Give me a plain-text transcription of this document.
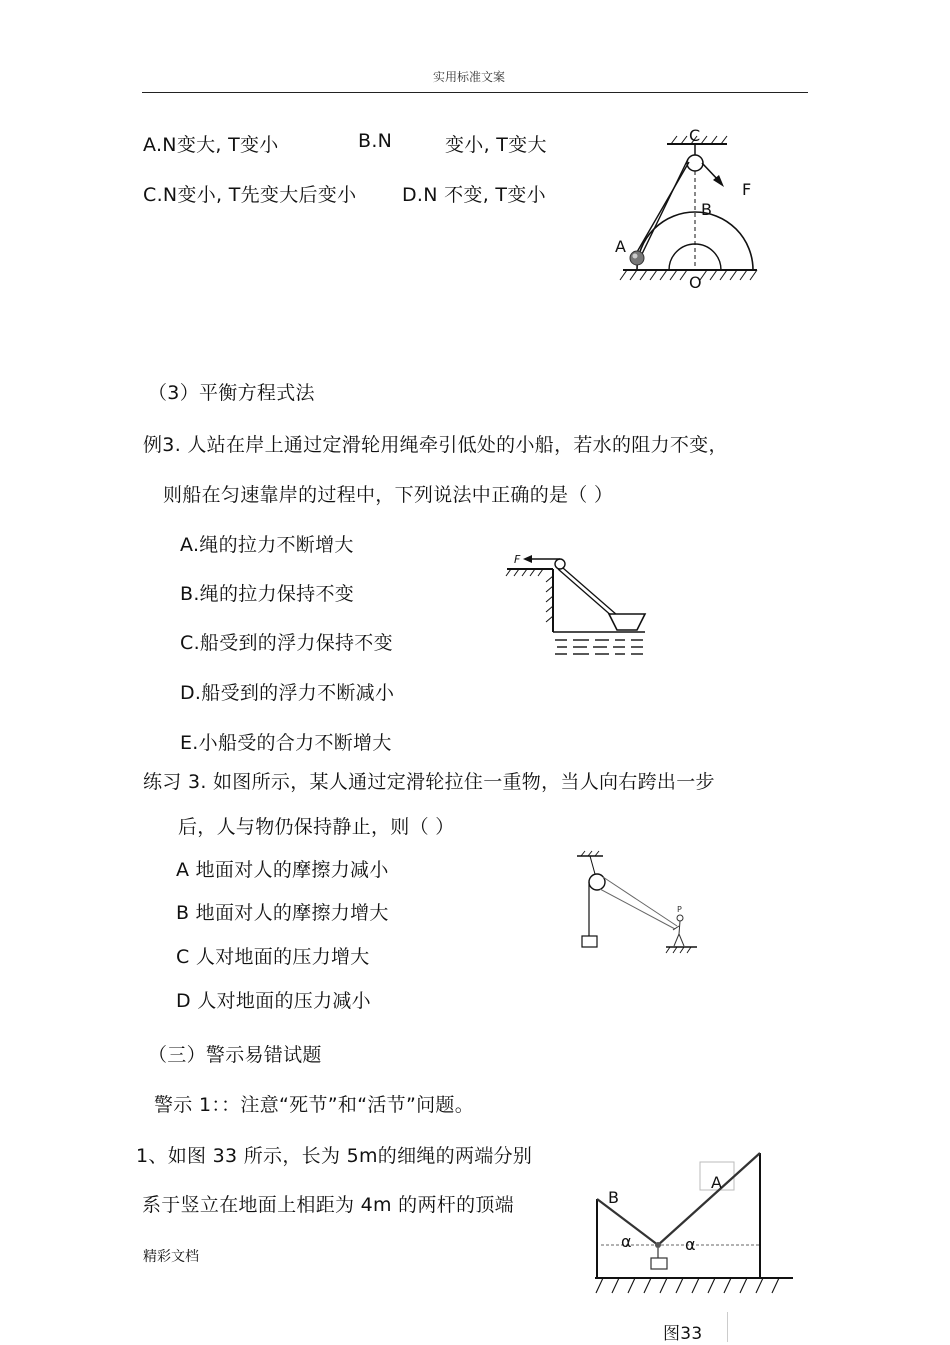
实用标准文案
A.N变大, T变小	B.N	变小, T变大
C.N变小, T先变大后变小 D.N 不变, T变小
C
F
B
A
O
（3）平衡方程式法
例3. 人站在岸上通过定滑轮用绳牵引低处的小船，若水的阻力不变，
则船在匀速靠岸的过程中，下列说法中正确的是（ ）
A.绳的拉力不断增大
B.绳的拉力保持不变
C.船受到的浮力保持不变
D.船受到的浮力不断减小
E.小船受的合力不断增大
F
练习 3. 如图所示，某人通过定滑轮拉住一重物，当人向右跨出一步
后，人与物仍保持静止，则（ ）
A 地面对人的摩擦力减小
B 地面对人的摩擦力增大
C 人对地面的压力增大
D 人对地面的压力减小
P
（三）警示易错试题
警示 1：：注意“死节”和“活节”问题。
1、如图 33 所示，长为 5m的细绳的两端分别
系于竖立在地面上相距为 4m 的两杆的顶端
A
B
α	α
图33
精彩文档
